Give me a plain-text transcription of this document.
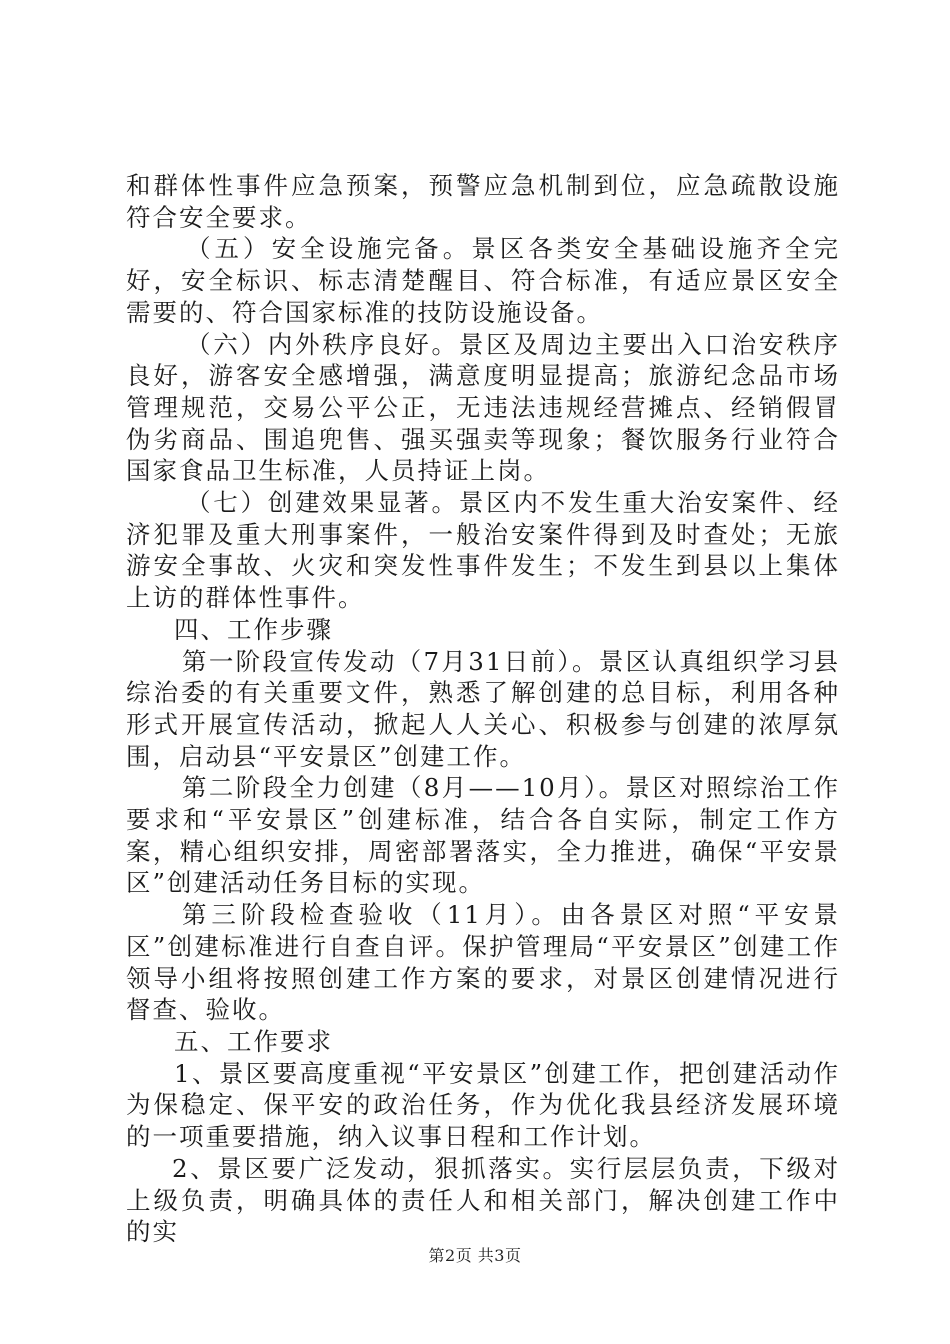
和群体性事件应急预案，预警应急机制到位，应急疏散设施符合安全要求。

（五）安全设施完备。景区各类安全基础设施齐全完好，安全标识、标志清楚醒目、符合标准，有适应景区安全需要的、符合国家标准的技防设施设备。

（六）内外秩序良好。景区及周边主要出入口治安秩序良好，游客安全感增强，满意度明显提高；旅游纪念品市场管理规范，交易公平公正，无违法违规经营摊点、经销假冒伪劣商品、围追兜售、强买强卖等现象；餐饮服务行业符合国家食品卫生标准，人员持证上岗。

（七）创建效果显著。景区内不发生重大治安案件、经济犯罪及重大刑事案件，一般治安案件得到及时查处；无旅游安全事故、火灾和突发性事件发生；不发生到县以上集体上访的群体性事件。

四、工作步骤

第一阶段宣传发动（7月31日前）。景区认真组织学习县综治委的有关重要文件，熟悉了解创建的总目标，利用各种形式开展宣传活动，掀起人人关心、积极参与创建的浓厚氛围，启动县“平安景区”创建工作。

第二阶段全力创建（8月——10月）。景区对照综治工作要求和“平安景区”创建标准，结合各自实际，制定工作方案，精心组织安排，周密部署落实，全力推进，确保“平安景区”创建活动任务目标的实现。

第三阶段检查验收（11月）。由各景区对照“平安景区”创建标准进行自查自评。保护管理局“平安景区”创建工作领导小组将按照创建工作方案的要求，对景区创建情况进行督查、验收。

五、工作要求

1、景区要高度重视“平安景区”创建工作，把创建活动作为保稳定、保平安的政治任务，作为优化我县经济发展环境的一项重要措施，纳入议事日程和工作计划。

2、景区要广泛发动，狠抓落实。实行层层负责，下级对上级负责，明确具体的责任人和相关部门，解决创建工作中的实

第2页 共3页
